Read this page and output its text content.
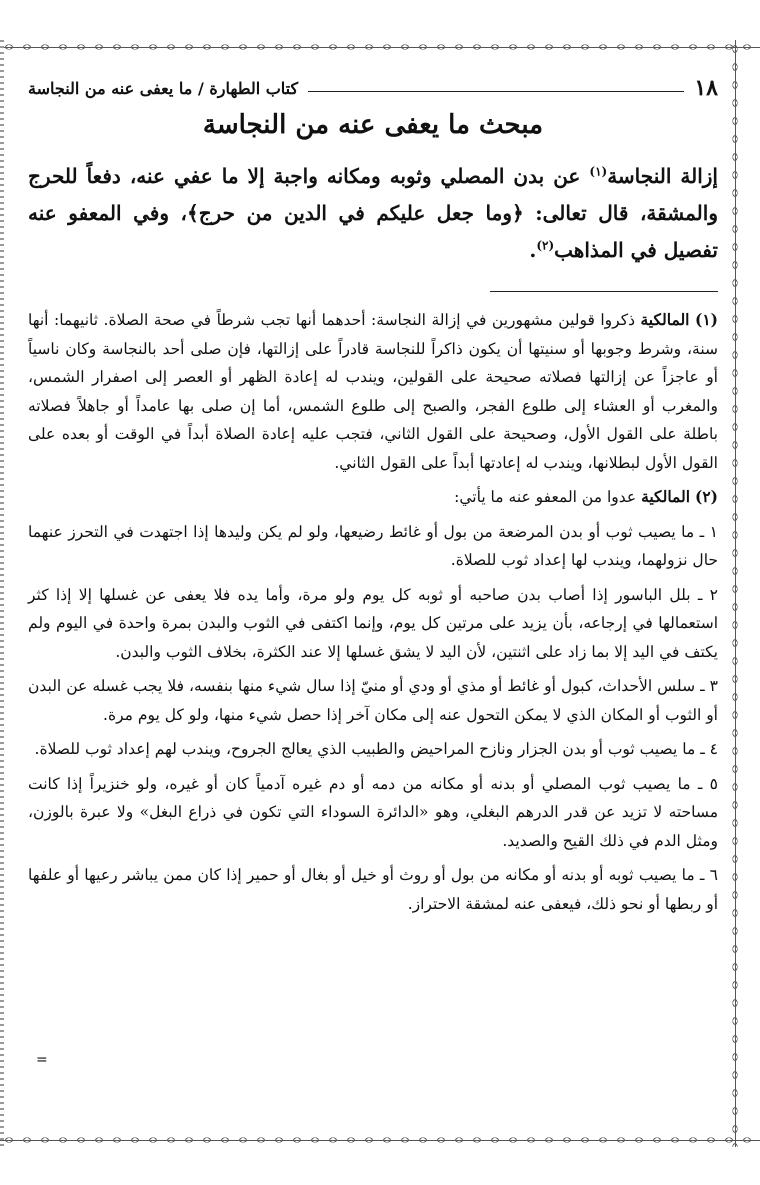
١٨
كتاب الطهارة / ما يعفى عنه من النجاسة
مبحث ما يعفى عنه من النجاسة

إزالة النجاسة$^{(١)}$ عن بدن المصلي وثوبه ومكانه واجبة إلا ما عفي عنه، دفعاً للحرج والمشقة، قال تعالى: ﴿وما جعل عليكم في الدين من حرج﴾، وفي المعفو عنه تفصيل في المذاهب$^{(٢)}$.

(١) المالكية ذكروا قولين مشهورين في إزالة النجاسة: أحدهما أنها تجب شرطاً في صحة الصلاة. ثانيهما: أنها سنة، وشرط وجوبها أو سنيتها أن يكون ذاكراً للنجاسة قادراً على إزالتها، فإن صلى أحد بالنجاسة وكان ناسياً أو عاجزاً عن إزالتها فصلاته صحيحة على القولين، ويندب له إعادة الظهر أو العصر إلى اصفرار الشمس، والمغرب أو العشاء إلى طلوع الفجر، والصبح إلى طلوع الشمس، أما إن صلى بها عامداً أو جاهلاً فصلاته باطلة على القول الأول، وصحيحة على القول الثاني، فتجب عليه إعادة الصلاة أبداً في الوقت أو بعده على القول الأول لبطلانها، ويندب له إعادتها أبداً على القول الثاني.

(٢) المالكية عدوا من المعفو عنه ما يأتي:

١ ـ ما يصيب ثوب أو بدن المرضعة من بول أو غائط رضيعها، ولو لم يكن وليدها إذا اجتهدت في التحرز عنهما حال نزولهما، ويندب لها إعداد ثوب للصلاة.

٢ ـ بلل الباسور إذا أصاب بدن صاحبه أو ثوبه كل يوم ولو مرة، وأما يده فلا يعفى عن غسلها إلا إذا كثر استعمالها في إرجاعه، بأن يزيد على مرتين كل يوم، وإنما اكتفى في الثوب والبدن بمرة واحدة في اليوم ولم يكتف في اليد إلا بما زاد على اثنتين، لأن اليد لا يشق غسلها إلا عند الكثرة، بخلاف الثوب والبدن.

٣ ـ سلس الأحداث، كبول أو غائط أو مذي أو ودي أو منيّ إذا سال شيء منها بنفسه، فلا يجب غسله عن البدن أو الثوب أو المكان الذي لا يمكن التحول عنه إلى مكان آخر إذا حصل شيء منها، ولو كل يوم مرة.

٤ ـ ما يصيب ثوب أو بدن الجزار ونازح المراحيض والطبيب الذي يعالج الجروح، ويندب لهم إعداد ثوب للصلاة.

٥ ـ ما يصيب ثوب المصلي أو بدنه أو مكانه من دمه أو دم غيره آدمياً كان أو غيره، ولو خنزيراً إذا كانت مساحته لا تزيد عن قدر الدرهم البغلي، وهو «الدائرة السوداء التي تكون في ذراع البغل» ولا عبرة بالوزن، ومثل الدم في ذلك القيح والصديد.

٦ ـ ما يصيب ثوبه أو بدنه أو مكانه من بول أو روث أو خيل أو بغال أو حمير إذا كان ممن يباشر رعيها أو علفها أو ربطها أو نحو ذلك، فيعفى عنه لمشقة الاحتراز.

=
